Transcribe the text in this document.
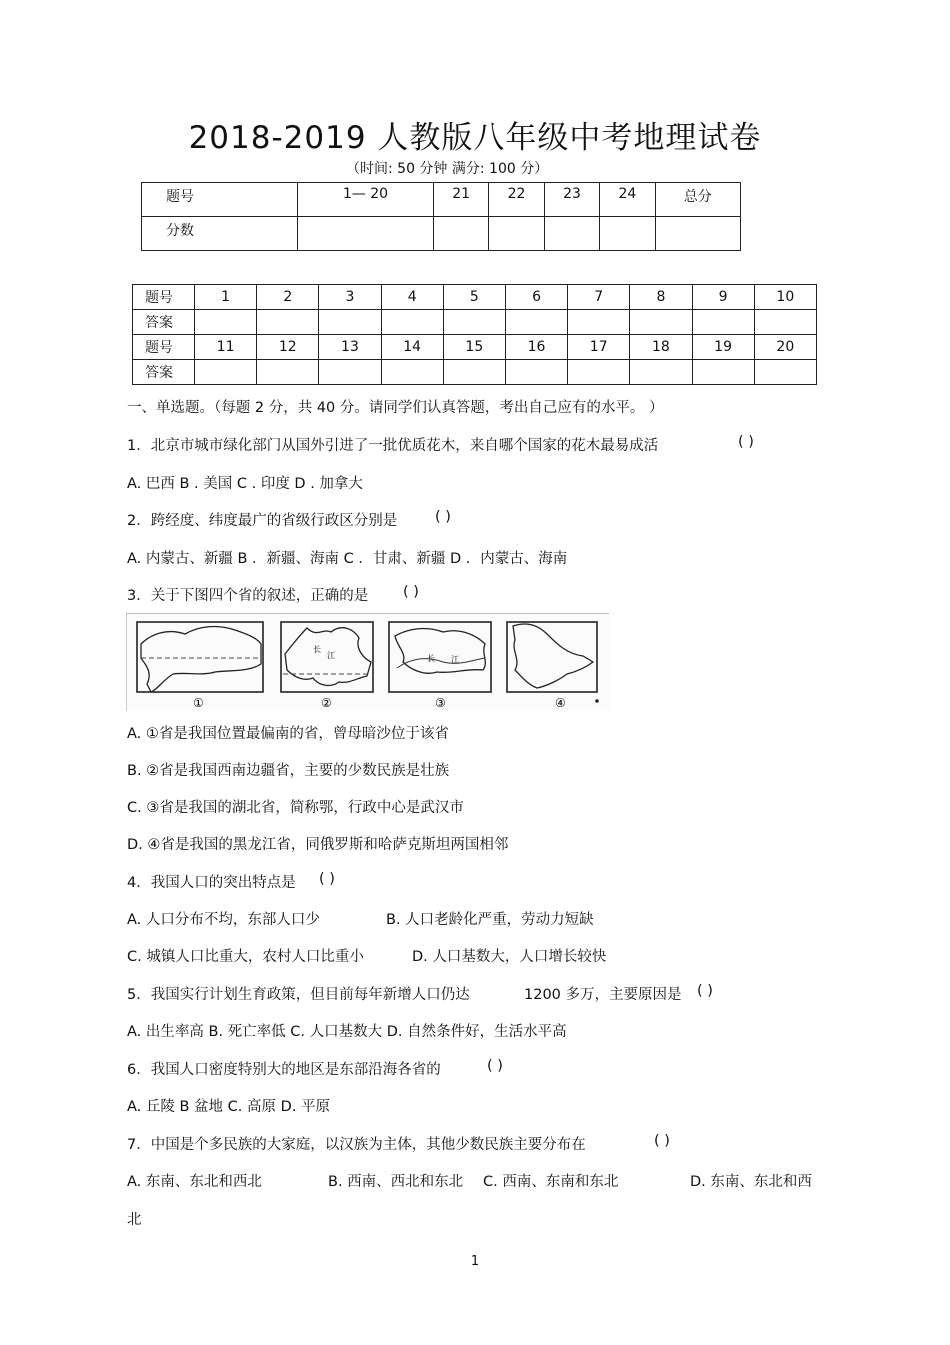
2018-2019 人教版八年级中考地理试卷
（时间: 50 分钟 满分: 100 分）
题号	1— 20	21	22	23	24	总分
分数						
题号	1	2	3	4	5	6	7	8	9	10
答案										
题号	11	12	13	14	15	16	17	18	19	20
答案										
一、单选题。（每题 2 分，共 40 分。请同学们认真答题，考出自己应有的水平。 ）
1．北京市城市绿化部门从国外引进了一批优质花木，来自哪个国家的花木最易成活	( )
A. 巴西 B . 美国 C . 印度 D . 加拿大
2．跨经度、纬度最广的省级行政区分别是	( )
A. 内蒙古、新疆 B ．新疆、海南 C ．甘肃、新疆 D ．内蒙古、海南
3．关于下图四个省的叙述，正确的是 ( )
长
江	长 江
①	②	③	④
A. ①省是我国位置最偏南的省，曾母暗沙位于该省
B. ②省是我国西南边疆省，主要的少数民族是壮族
C. ③省是我国的湖北省，简称鄂，行政中心是武汉市
D. ④省是我国的黑龙江省，同俄罗斯和哈萨克斯坦两国相邻
4．我国人口的突出特点是 ( )
A. 人口分布不均，东部人口少	B. 人口老龄化严重，劳动力短缺
C. 城镇人口比重大，农村人口比重小	D. 人口基数大，人口增长较快
5．我国实行计划生育政策，但目前每年新增人口仍达	1200 多万，主要原因是 ( )
A. 出生率高 B. 死亡率低 C. 人口基数大 D. 自然条件好，生活水平高
6．我国人口密度特别大的地区是东部沿海各省的	( )
A. 丘陵 B 盆地 C. 高原 D. 平原
7．中国是个多民族的大家庭，以汉族为主体，其他少数民族主要分布在	( )
A. 东南、东北和西北	B. 西南、西北和东北 C. 西南、东南和东北	D. 东南、东北和西
北
1
